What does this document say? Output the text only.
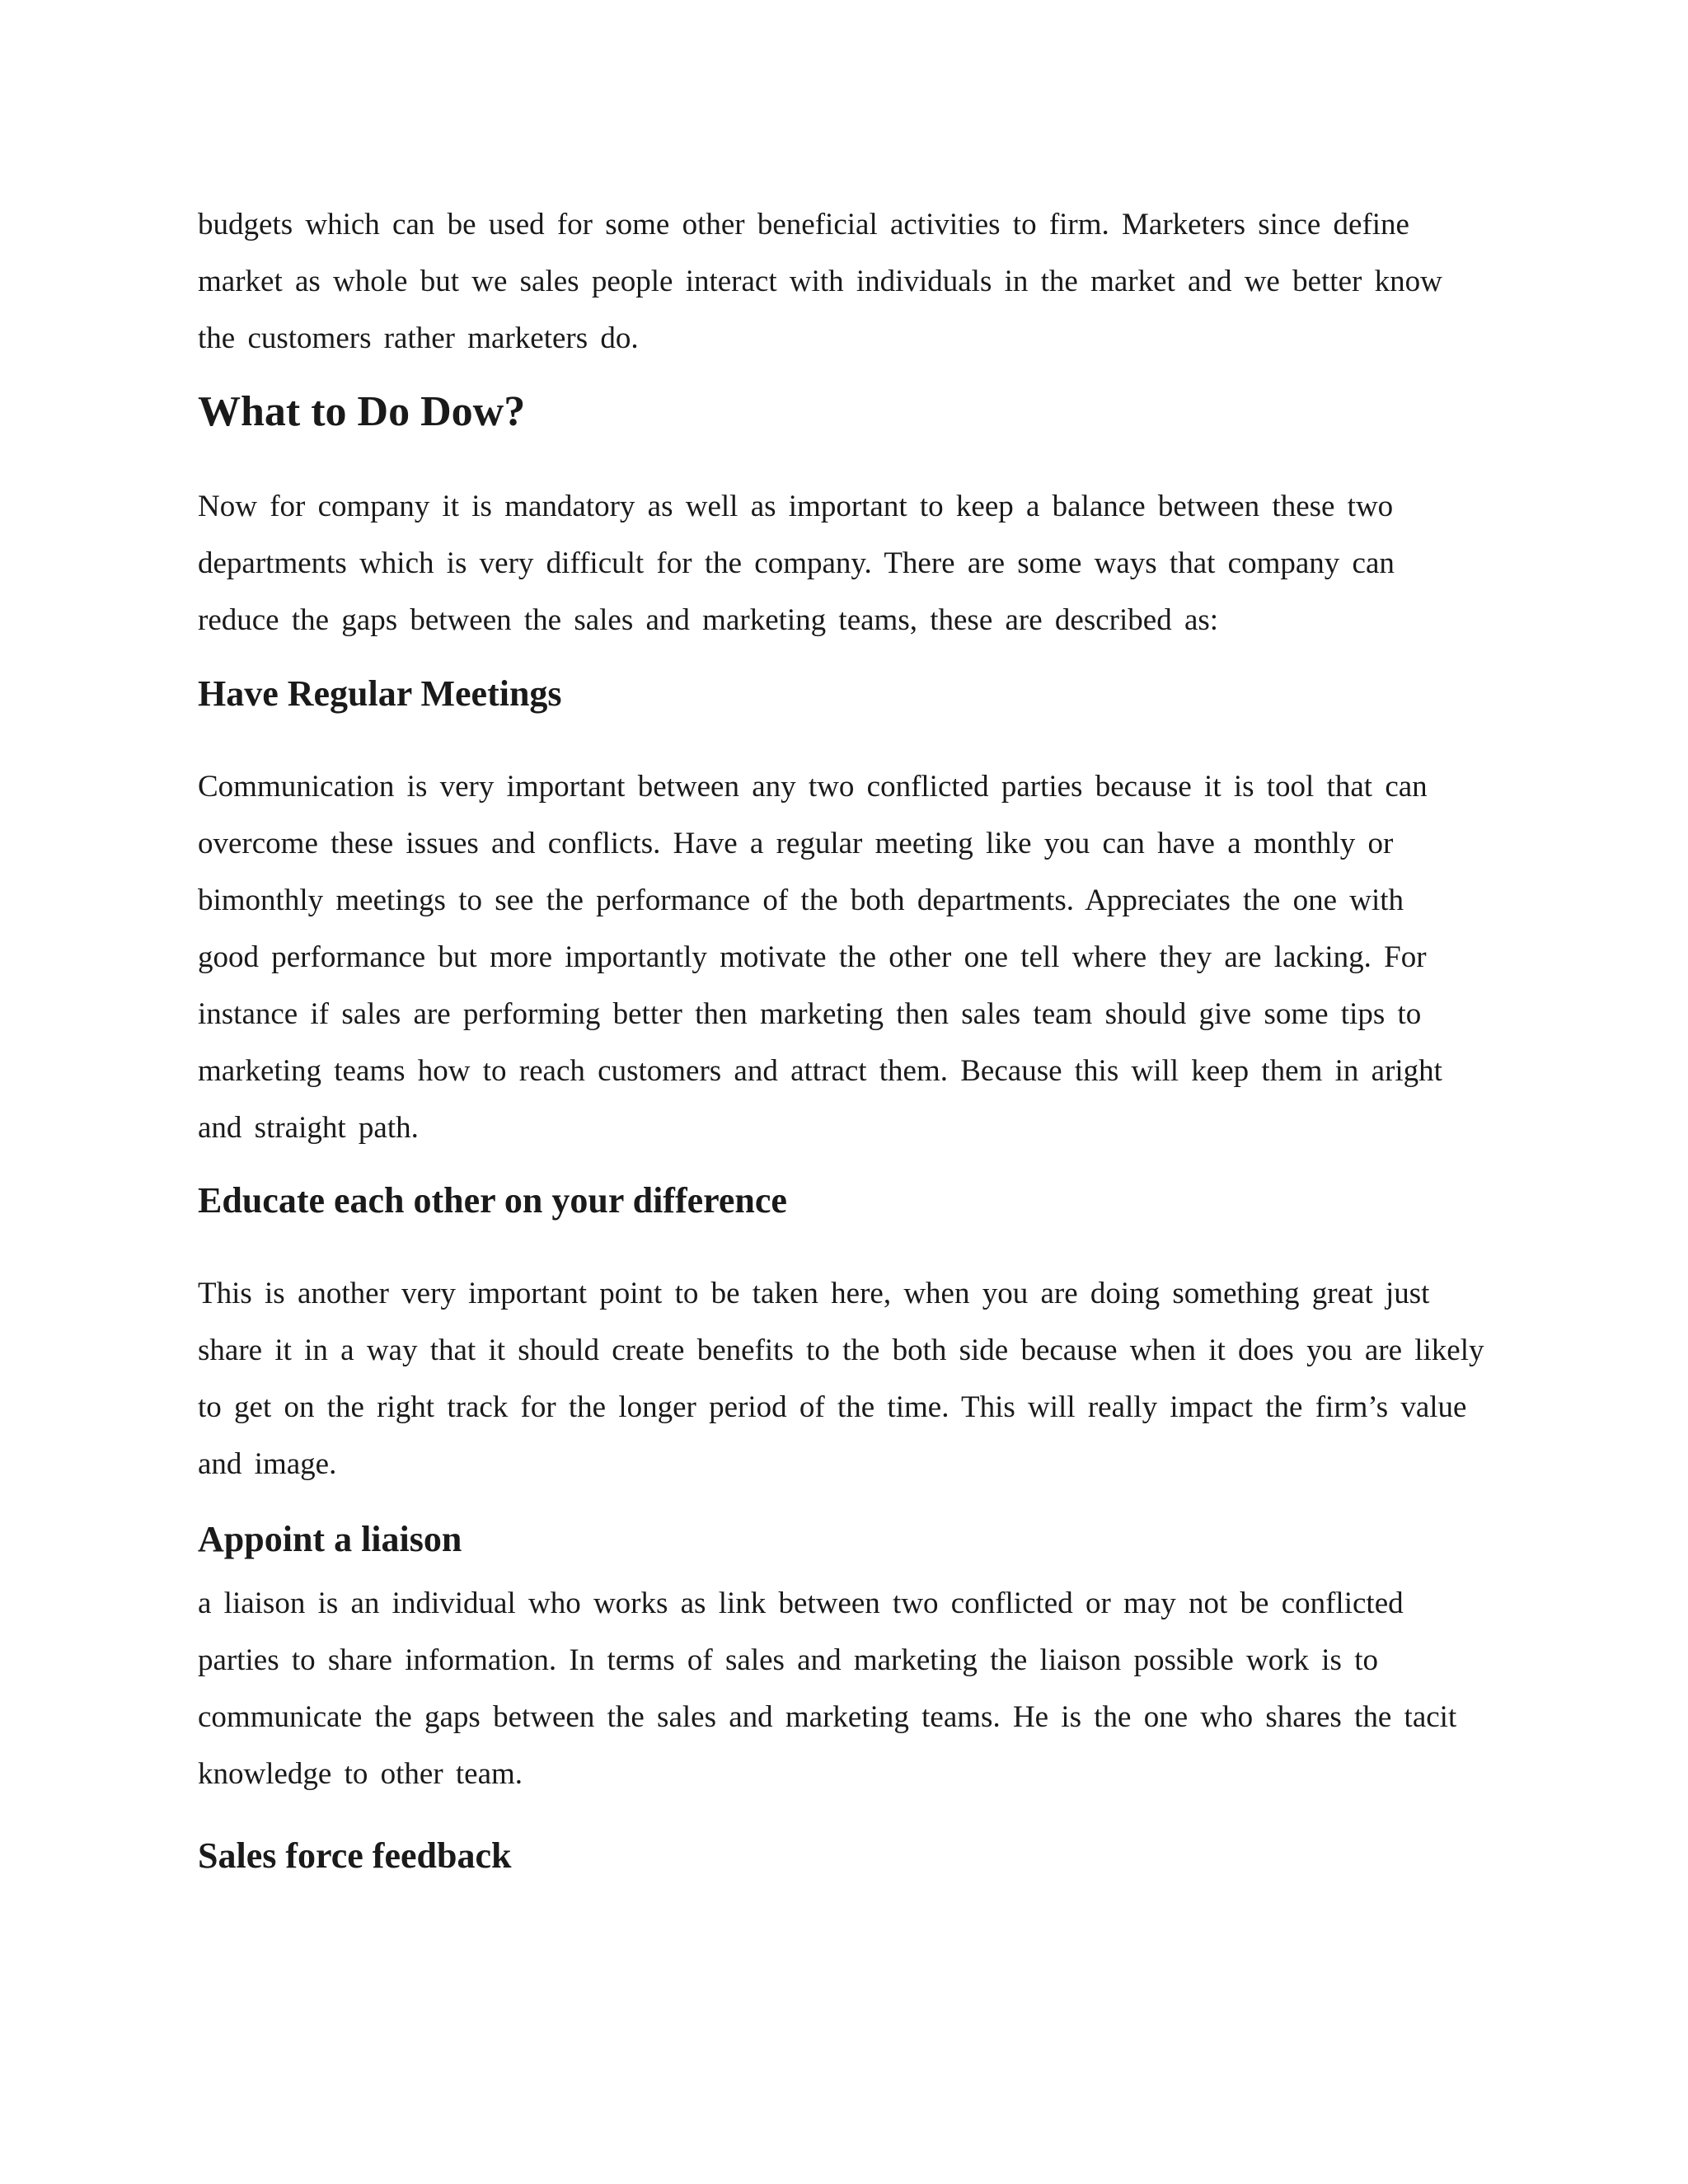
budgets which can be used for some other beneficial activities to firm. Marketers since define
market as whole but we sales people interact with individuals in the market and we better know
the customers rather marketers do.

What to Do Dow?

Now for company it is mandatory as well as important to keep a balance between these two
departments which is very difficult for the company. There are some ways that company can
reduce the gaps between the sales and marketing teams, these are described as:

Have Regular Meetings

Communication is very important between any two conflicted parties because it is tool that can
overcome these issues and conflicts. Have a regular meeting like you can have a monthly or
bimonthly meetings to see the performance of the both departments. Appreciates the one with
good performance but more importantly motivate the other one tell where they are lacking. For
instance if sales are performing better then marketing then sales team should give some tips to
marketing teams how to reach customers and attract them. Because this will keep them in aright
and straight path.

Educate each other on your difference

This is another very important point to be taken here, when you are doing something great just
share it in a way that it should create benefits to the both side because when it does you are likely
to get on the right track for the longer period of the time. This will really impact the firm’s value
and image.

Appoint a liaison

a liaison is an individual who works as link between two conflicted or may not be conflicted
parties to share information. In terms of sales and marketing the liaison possible work is to
communicate the gaps between the sales and marketing teams. He is the one who shares the tacit
knowledge to other team.

Sales force feedback
